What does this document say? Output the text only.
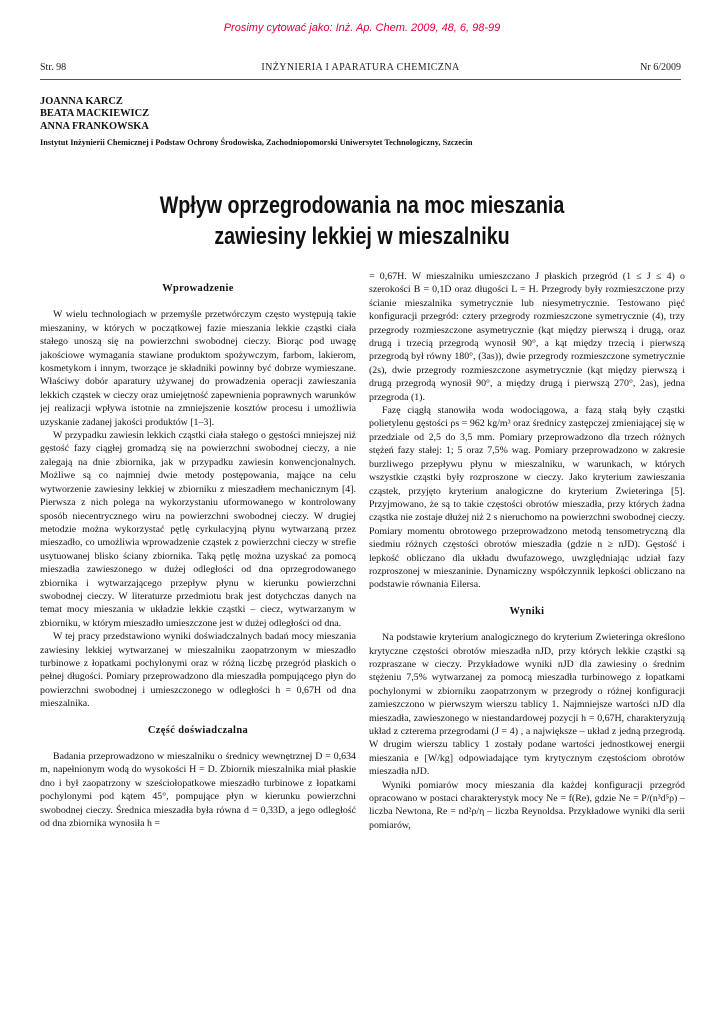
Prosimy cytować jako: Inż. Ap. Chem. 2009, 48, 6, 98-99
INŻYNIERIA I APARATURA CHEMICZNA
Str. 98	Nr 6/2009
JOANNA KARCZ
BEATA MACKIEWICZ
ANNA FRANKOWSKA
Instytut Inżynierii Chemicznej i Podstaw Ochrony Środowiska, Zachodniopomorski Uniwersytet Technologiczny, Szczecin
Wpływ oprzegrodowania na moc mieszania
zawiesiny lekkiej w mieszalniku
Wprowadzenie

W wielu technologiach w przemyśle przetwórczym często występują takie mieszaniny, w których w początkowej fazie mieszania lekkie cząstki ciała stałego unoszą się na powierzchni swobodnej cieczy. Biorąc pod uwagę jakościowe wymagania stawiane produktom spożywczym, farbom, lakierom, kosmetykom i innym, tworzące je składniki powinny być dobrze wymieszane. Właściwy dobór aparatury używanej do prowadzenia operacji zawieszania lekkich cząstek w cieczy oraz umiejętność zapewnienia poprawnych warunków jej realizacji wpływa istotnie na zmniejszenie kosztów procesu i umożliwia uzyskanie zadanej jakości produktów [1–3].

W przypadku zawiesin lekkich cząstki ciała stałego o gęstości mniejszej niż gęstość fazy ciągłej gromadzą się na powierzchni swobodnej cieczy, a nie zalegają na dnie zbiornika, jak w przypadku zawiesin konwencjonalnych. Możliwe są co najmniej dwie metody postępowania, mające na celu wytworzenie zawiesiny lekkiej w zbiorniku z mieszadłem mechanicznym [4]. Pierwsza z nich polega na wykorzystaniu uformowanego w kontrolowany sposób niecentrycznego wiru na powierzchni swobodnej cieczy. W drugiej metodzie można wykorzystać pętlę cyrkulacyjną płynu wytwarzaną przez mieszadło, co umożliwia wprowadzenie cząstek z powierzchni cieczy w strefie usytuowanej blisko ściany zbiornika. Taką pętlę można uzyskać za pomocą mieszadła zawieszonego w dużej odległości od dna oprzegrodowanego zbiornika i wytwarzającego przepływ płynu w kierunku powierzchni swobodnej cieczy. W literaturze przedmiotu brak jest dotychczas danych na temat mocy mieszania w układzie lekkie cząstki – ciecz, wytwarzanym w zbiorniku, w którym mieszadło umieszczone jest w dużej odległości od dna.

W tej pracy przedstawiono wyniki doświadczalnych badań mocy mieszania zawiesiny lekkiej wytwarzanej w mieszalniku zaopatrzonym w mieszadło turbinowe z łopatkami pochylonymi oraz w różną liczbę przegród płaskich o pełnej długości. Pomiary przeprowadzono dla mieszadła pompującego płyn do powierzchni swobodnej i umieszczonego w odległości h = 0,67H od dna mieszalnika.

Część doświadczalna

Badania przeprowadzono w mieszalniku o średnicy wewnętrznej D = 0,634 m, napełnionym wodą do wysokości H = D. Zbiornik mieszalnika miał płaskie dno i był zaopatrzony w sześciołopatkowe mieszadło turbinowe z łopatkami pochylonymi pod kątem 45°, pompujące płyn w kierunku powierzchni swobodnej cieczy. Średnica mieszadła była równa d = 0,33D, a jego odległość od dna zbiornika wynosiła h =

= 0,67H. W mieszalniku umieszczano J płaskich przegród (1 ≤ J ≤ 4) o szerokości B = 0,1D oraz długości L = H. Przegrody były rozmieszczone przy ścianie mieszalnika symetrycznie lub niesymetrycznie. Testowano pięć konfiguracji przegród: cztery przegrody rozmieszczone symetrycznie (4), trzy przegrody rozmieszczone asymetrycznie (kąt między pierwszą i drugą, oraz drugą i trzecią przegrodą wynosił 90°, a kąt między trzecią i pierwszą przegrodą był równy 180°, (3as)), dwie przegrody rozmieszczone symetrycznie (2s), dwie przegrody rozmieszczone asymetrycznie (kąt między pierwszą i drugą przegrodą wynosił 90°, a między drugą i pierwszą 270°, 2as), jedna przegroda (1).

Fazę ciągłą stanowiła woda wodociągowa, a fazą stałą były cząstki polietylenu gęstości ρs = 962 kg/m³ oraz średnicy zastępczej zmieniającej się w przedziale od 2,5 do 3,5 mm. Pomiary przeprowadzono dla trzech różnych stężeń fazy stałej: 1; 5 oraz 7,5% wag. Pomiary przeprowadzono w zakresie burzliwego przepływu płynu w mieszalniku, w warunkach, w których wszystkie cząstki były rozproszone w cieczy. Jako kryterium zawieszania cząstek, przyjęto kryterium analogiczne do kryterium Zwieteringa [5]. Przyjmowano, że są to takie częstości obrotów mieszadła, przy których żadna cząstka nie zostaje dłużej niż 2 s nieruchomo na powierzchni swobodnej cieczy. Pomiary momentu obrotowego przeprowadzono metodą tensometryczną dla siedmiu różnych częstości obrotów mieszadła (gdzie n ≥ nJD). Gęstość i lepkość obliczano dla układu dwufazowego, uwzględniając udział fazy rozproszonej w mieszaninie. Dynamiczny współczynnik lepkości obliczano na podstawie równania Eilersa.

Wyniki

Na podstawie kryterium analogicznego do kryterium Zwieteringa określono krytyczne częstości obrotów mieszadła nJD, przy których lekkie cząstki są rozpraszane w cieczy. Przykładowe wyniki nJD dla zawiesiny o średnim stężeniu 7,5% wytwarzanej za pomocą mieszadła turbinowego z łopatkami pochylonymi w zbiorniku zaopatrzonym w przegrody o różnej konfiguracji zamieszczono w pierwszym wierszu tablicy 1. Najmniejsze wartości nJD dla mieszadła, zawieszonego w niestandardowej pozycji h = 0,67H, charakteryzują układ z czterema przegrodami (J = 4) , a największe – układ z jedną przegrodą. W drugim wierszu tablicy 1 zostały podane wartości jednostkowej energii mieszania e [W/kg] odpowiadające tym krytycznym częstościom obrotów mieszadła nJD.

Wyniki pomiarów mocy mieszania dla każdej konfiguracji przegród opracowano w postaci charakterystyk mocy Ne = f(Re), gdzie Ne = P/(n³d⁵ρ) – liczba Newtona, Re = nd²ρ/η – liczba Reynoldsa. Przykładowe wyniki dla serii pomiarów,
